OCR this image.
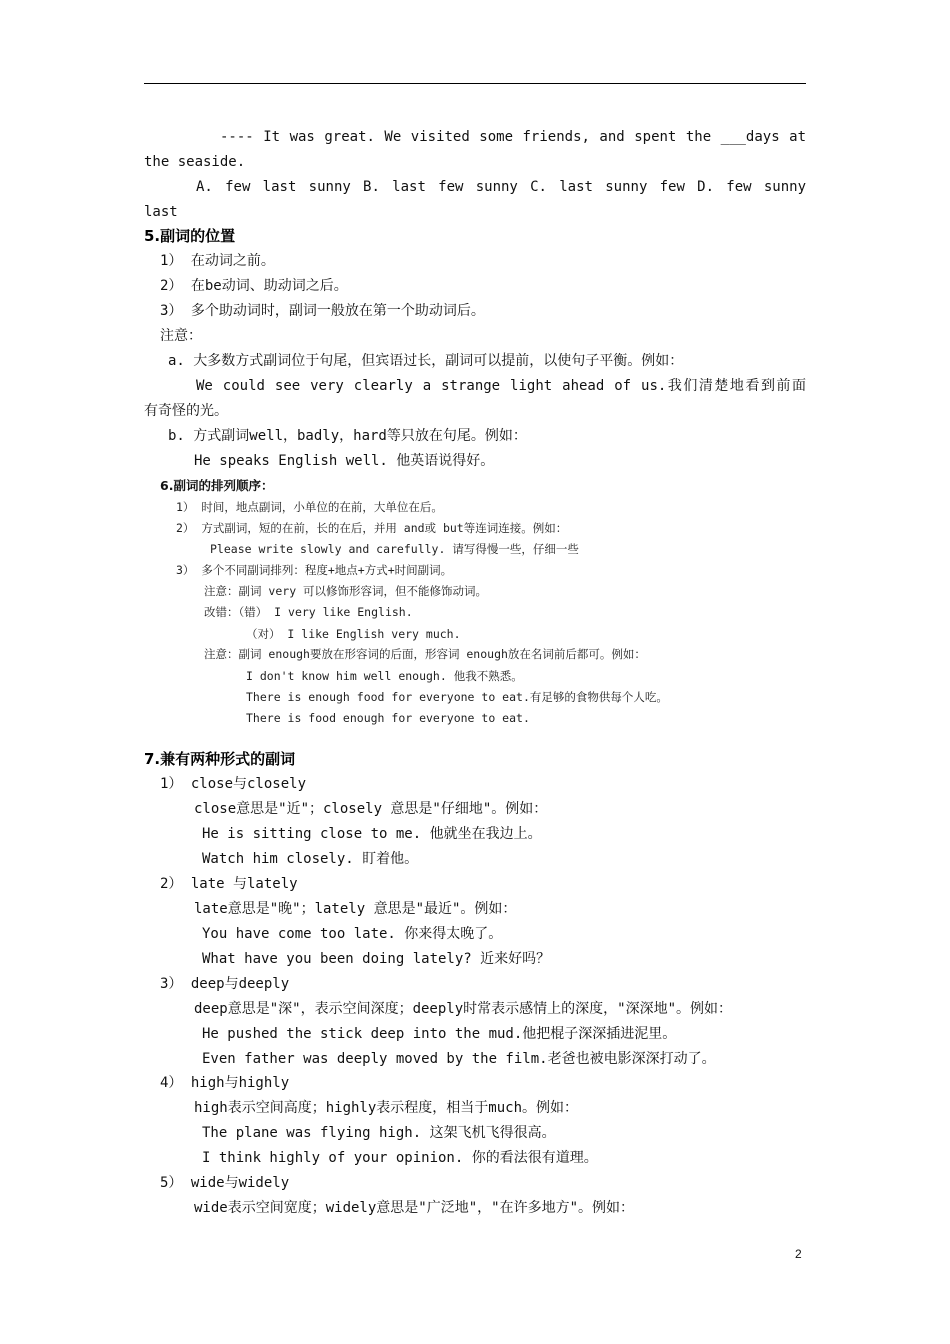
---- It was great. We visited some friends, and spent the ___days at
the seaside.
A. few last sunny B. last few sunny C. last sunny few D. few sunny
last
5.副词的位置
1） 在动词之前。
2） 在be动词、助动词之后。
3） 多个助动词时，副词一般放在第一个助动词后。
注意：
a. 大多数方式副词位于句尾，但宾语过长，副词可以提前，以使句子平衡。例如：
We could see very clearly a strange light ahead of us.我们清楚地看到前面
有奇怪的光。
b. 方式副词well，badly，hard等只放在句尾。例如：
He speaks English well. 他英语说得好。
6.副词的排列顺序：
1） 时间，地点副词，小单位的在前，大单位在后。
2） 方式副词，短的在前，长的在后，并用 and或 but等连词连接。例如：
Please write slowly and carefully. 请写得慢一些，仔细一些
3） 多个不同副词排列：程度+地点+方式+时间副词。
注意：副词 very 可以修饰形容词，但不能修饰动词。
改错：（错） I very like English.
（对） I like English very much.
注意：副词 enough要放在形容词的后面，形容词 enough放在名词前后都可。例如：
I don't know him well enough. 他我不熟悉。
There is enough food for everyone to eat.有足够的食物供每个人吃。
There is food enough for everyone to eat.
7.兼有两种形式的副词
1） close与closely
close意思是"近"；closely 意思是"仔细地"。例如：
He is sitting close to me. 他就坐在我边上。
Watch him closely. 盯着他。
2） late 与lately
late意思是"晚"；lately 意思是"最近"。例如：
You have come too late. 你来得太晚了。
What have you been doing lately? 近来好吗？
3） deep与deeply
deep意思是"深"，表示空间深度；deeply时常表示感情上的深度，"深深地"。例如：
He pushed the stick deep into the mud.他把棍子深深插进泥里。
Even father was deeply moved by the film.老爸也被电影深深打动了。
4） high与highly
high表示空间高度；highly表示程度，相当于much。例如：
The plane was flying high. 这架飞机飞得很高。
I think highly of your opinion. 你的看法很有道理。
5） wide与widely
wide表示空间宽度；widely意思是"广泛地"，"在许多地方"。例如：
2
